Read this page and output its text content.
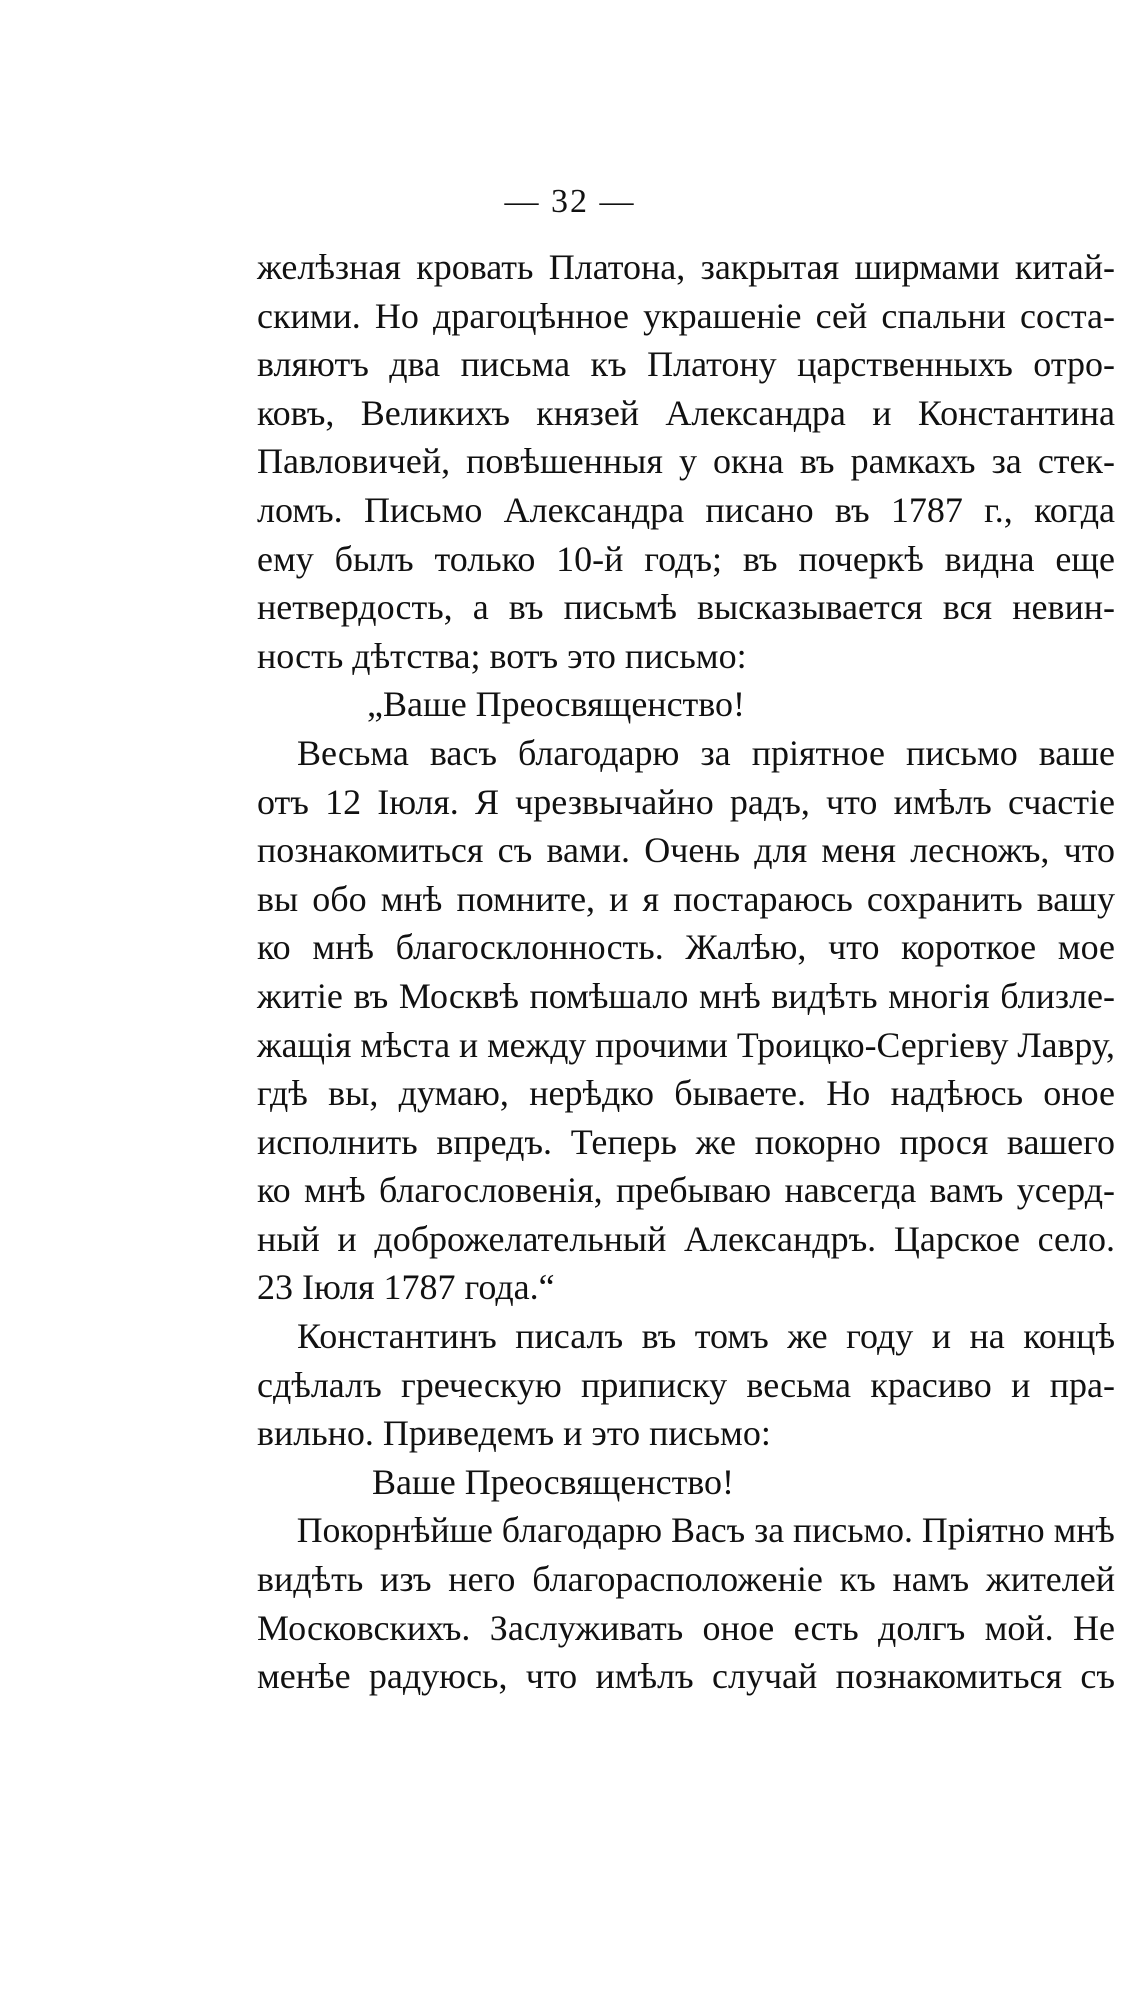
— 32 —
желѣзная кровать Платона, закрытая ширмами китай-
скими. Но драгоцѣнное украшеніе сей спальни соста-
вляютъ два письма къ Платону царственныхъ отро-
ковъ, Великихъ князей Александра и Константина
Павловичей, повѣшенныя у окна въ рамкахъ за стек-
ломъ. Письмо Александра писано въ 1787 г., когда
ему былъ только 10-й годъ; въ почеркѣ видна еще
нетвердость, а въ письмѣ высказывается вся невин-
ность дѣтства; вотъ это письмо:
„Ваше Преосвященство!
Весьма васъ благодарю за пріятное письмо ваше
отъ 12 Іюля. Я чрезвычайно радъ, что имѣлъ счастіе
познакомиться съ вами. Очень для меня лесножъ, что
вы обо мнѣ помните, и я постараюсь сохранить вашу
ко мнѣ благосклонность. Жалѣю, что короткое мое
житіе въ Москвѣ помѣшало мнѣ видѣть многія близле-
жащія мѣста и между прочими Троицко-Сергіеву Лавру,
гдѣ вы, думаю, нерѣдко бываете. Но надѣюсь оное
исполнить впредъ. Теперь же покорно прося вашего
ко мнѣ благословенія, пребываю навсегда вамъ усерд-
ный и доброжелательный Александръ. Царское село.
23 Іюля 1787 года.“
Константинъ писалъ въ томъ же году и на концѣ
сдѣлалъ греческую приписку весьма красиво и пра-
вильно. Приведемъ и это письмо:
Ваше Преосвященство!
Покорнѣйше благодарю Васъ за письмо. Пріятно мнѣ
видѣть изъ него благорасположеніе къ намъ жителей
Московскихъ. Заслуживать оное есть долгъ мой. Не
менѣе радуюсь, что имѣлъ случай познакомиться съ
